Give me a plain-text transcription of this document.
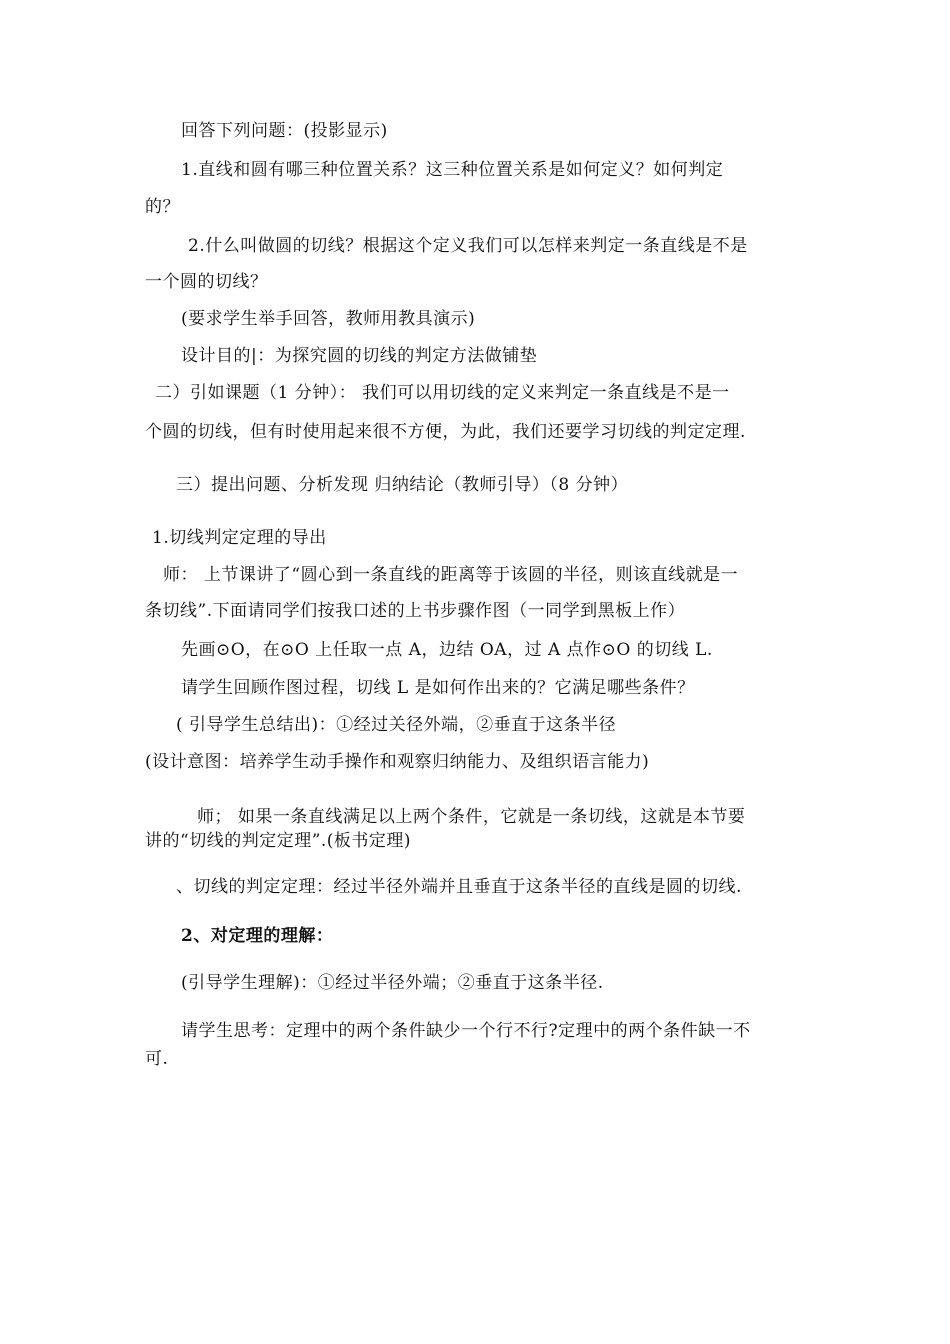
回答下列问题：(投影显示)
1.直线和圆有哪三种位置关系？这三种位置关系是如何定义？如何判定
的？
2.什么叫做圆的切线？根据这个定义我们可以怎样来判定一条直线是不是
一个圆的切线？
(要求学生举手回答，教师用教具演示)
设计目的|：为探究圆的切线的判定方法做铺垫
二）引如课题（1 分钟）： 我们可以用切线的定义来判定一条直线是不是一
个圆的切线，但有时使用起来很不方便，为此，我们还要学习切线的判定定理.
三）提出问题、分析发现 归纳结论（教师引导）（8 分钟）
1.切线判定定理的导出
师： 上节课讲了“圆心到一条直线的距离等于该圆的半径，则该直线就是一
条切线”.下面请同学们按我口述的上书步骤作图（一同学到黑板上作）
先画⊙O，在⊙O 上任取一点 A，边结 OA，过 A 点作⊙O 的切线 L.
请学生回顾作图过程，切线 L 是如何作出来的？它满足哪些条件？
( 引导学生总结出)：①经过关径外端，②垂直于这条半径
(设计意图：培养学生动手操作和观察归纳能力、及组织语言能力)
师； 如果一条直线满足以上两个条件，它就是一条切线，这就是本节要
讲的“切线的判定定理”.(板书定理)
、切线的判定定理：经过半径外端并且垂直于这条半径的直线是圆的切线.
2、对定理的理解：
(引导学生理解)：①经过半径外端；②垂直于这条半径.
请学生思考：定理中的两个条件缺少一个行不行?定理中的两个条件缺一不
可.
